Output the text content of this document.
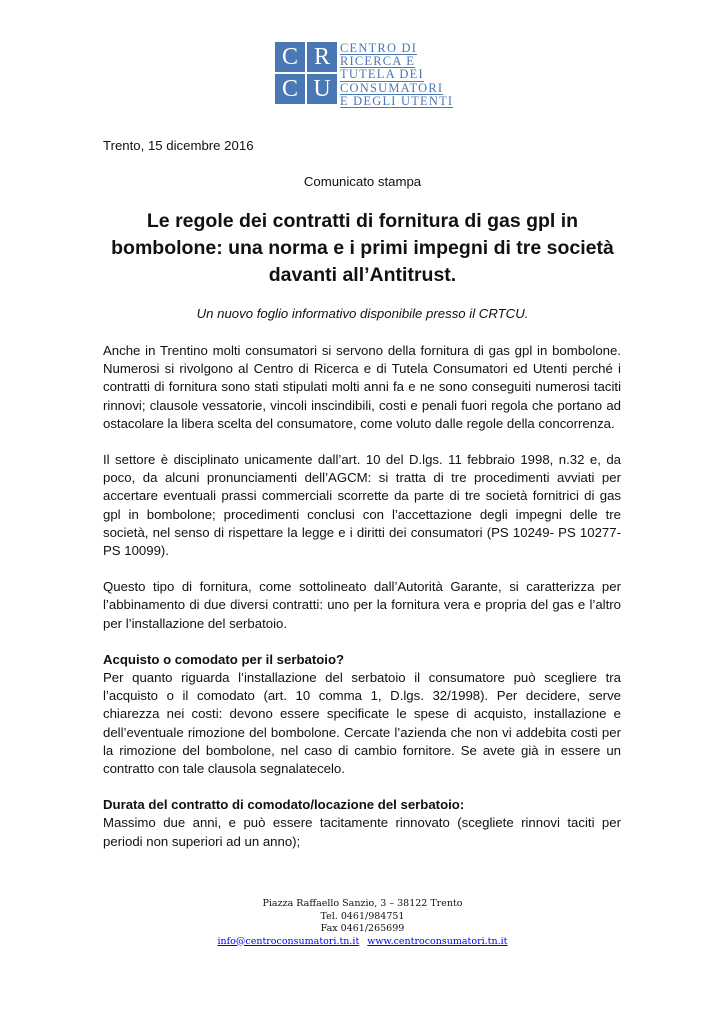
C R
C U
CENTRO DI
RICERCA E
TUTELA DEI
CONSUMATORI
E DEGLI UTENTI
Trento, 15 dicembre 2016
Comunicato stampa
Le regole dei contratti di fornitura di gas gpl in bombolone: una norma e i primi impegni di tre società davanti all’Antitrust.
Un nuovo foglio informativo disponibile presso il CRTCU.

Anche in Trentino molti consumatori si servono della fornitura di gas gpl in bombolone. Numerosi si rivolgono al Centro di Ricerca e di Tutela Consumatori ed Utenti perché i contratti di fornitura sono stati stipulati molti anni fa e ne sono conseguiti numerosi taciti rinnovi; clausole vessatorie, vincoli inscindibili, costi e penali fuori regola che portano ad ostacolare la libera scelta del consumatore, come voluto dalle regole della concorrenza.

Il settore è disciplinato unicamente dall’art. 10 del D.lgs. 11 febbraio 1998, n.32 e, da poco, da alcuni pronunciamenti dell’AGCM: si tratta di tre procedimenti avviati per accertare eventuali prassi commerciali scorrette da parte di tre società fornitrici di gas gpl in bombolone; procedimenti conclusi con l’accettazione degli impegni delle tre società, nel senso di rispettare la legge e i diritti dei consumatori (PS 10249- PS 10277- PS 10099).

Questo tipo di fornitura, come sottolineato dall’Autorità Garante, si caratterizza per l’abbinamento di due diversi contratti: uno per la fornitura vera e propria del gas e l’altro per l’installazione del serbatoio.

Acquisto o comodato per il serbatoio?

Per quanto riguarda l’installazione del serbatoio il consumatore può scegliere tra l’acquisto o il comodato (art. 10 comma 1, D.lgs. 32/1998). Per decidere, serve chiarezza nei costi: devono essere specificate le spese di acquisto, installazione e dell’eventuale rimozione del bombolone. Cercate l’azienda che non vi addebita costi per la rimozione del bombolone, nel caso di cambio fornitore. Se avete già in essere un contratto con tale clausola segnalatecelo.

Durata del contratto di comodato/locazione del serbatoio:

Massimo due anni, e può essere tacitamente rinnovato (scegliete rinnovi taciti per periodi non superiori ad un anno);

Piazza Raffaello Sanzio, 3 – 38122 Trento
Tel. 0461/984751
Fax 0461/265699
info@centroconsumatori.tn.it www.centroconsumatori.tn.it
